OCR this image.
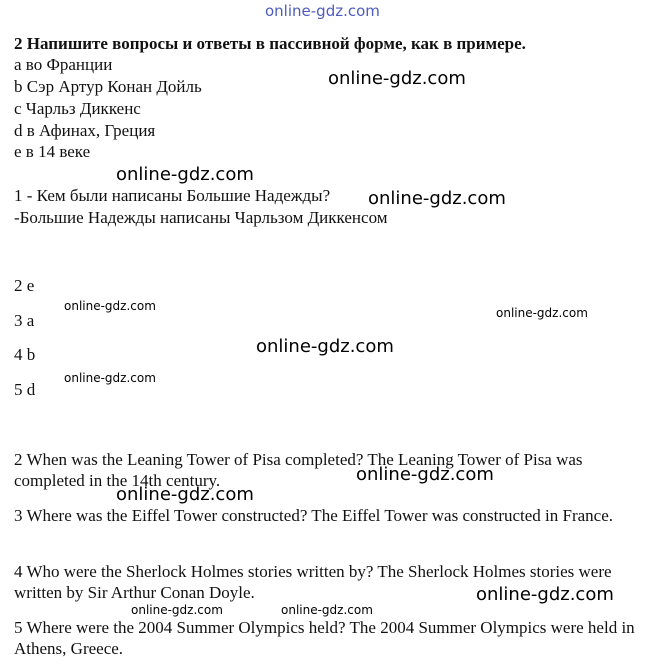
online-gdz.com
2 Напишите вопросы и ответы в пассивной форме, как в примере.
a во Франции
b Сэр Артур Конан Дойль
c Чарльз Диккенс
d в Афинах, Греция
e в 14 веке
1 - Кем были написаны Большие Надежды?
-Большие Надежды написаны Чарльзом Диккенсом
2 e
3 a
4 b
5 d
2 When was the Leaning Tower of Pisa completed? The Leaning Tower of Pisa was completed in the 14th century.
3 Where was the Eiffel Tower constructed? The Eiffel Tower was constructed in France.
4 Who were the Sherlock Holmes stories written by? The Sherlock Holmes stories were written by Sir Arthur Conan Doyle.
5 Where were the 2004 Summer Olympics held? The 2004 Summer Olympics were held in Athens, Greece.
online-gdz.com
online-gdz.com
online-gdz.com
online-gdz.com	online-gdz.com
online-gdz.com
online-gdz.com
online-gdz.com
online-gdz.com
online-gdz.com
online-gdz.com	online-gdz.com
